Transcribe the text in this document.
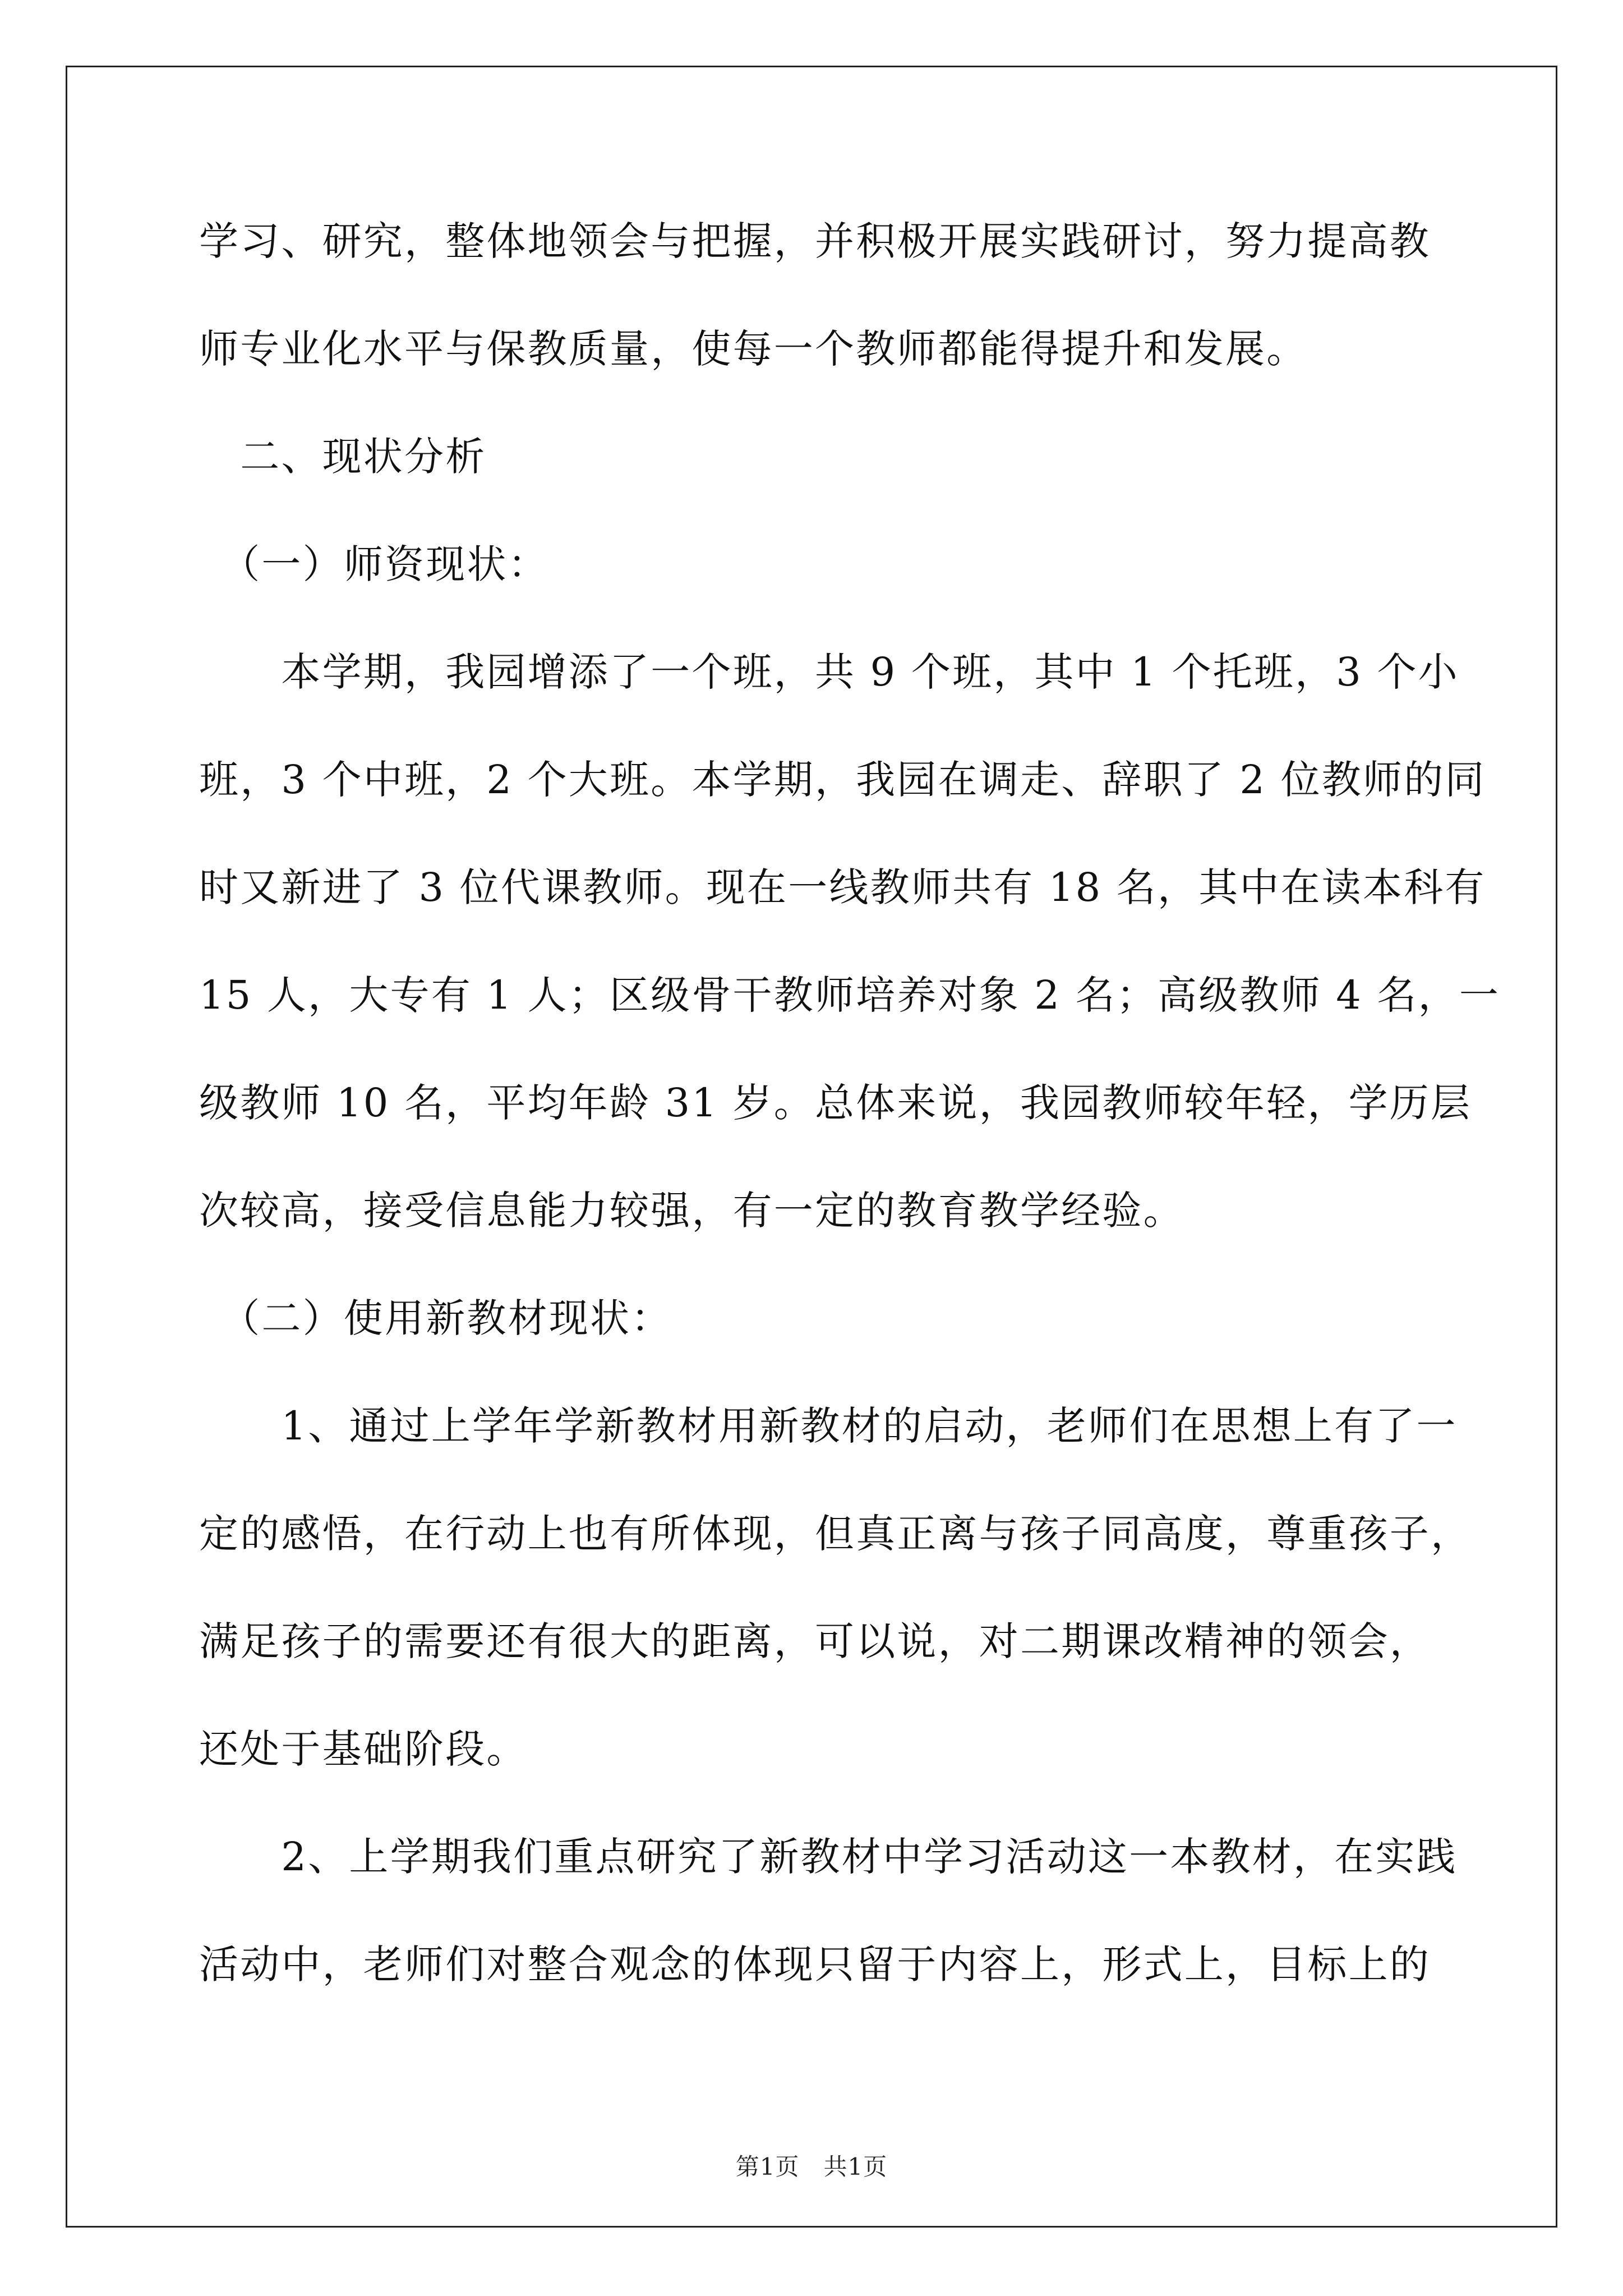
学习、研究，整体地领会与把握，并积极开展实践研讨，努力提高教
师专业化水平与保教质量，使每一个教师都能得提升和发展。
　二、现状分析
　（一）师资现状：
　　本学期，我园增添了一个班，共 9 个班，其中 1 个托班，3 个小
班，3 个中班，2 个大班。本学期，我园在调走、辞职了 2 位教师的同
时又新进了 3 位代课教师。现在一线教师共有 18 名，其中在读本科有
15 人，大专有 1 人；区级骨干教师培养对象 2 名；高级教师 4 名，一
级教师 10 名，平均年龄 31 岁。总体来说，我园教师较年轻，学历层
次较高，接受信息能力较强，有一定的教育教学经验。
　（二）使用新教材现状：
　　1、通过上学年学新教材用新教材的启动，老师们在思想上有了一
定的感悟，在行动上也有所体现，但真正离与孩子同高度，尊重孩子，
满足孩子的需要还有很大的距离，可以说，对二期课改精神的领会，
还处于基础阶段。
　　2、上学期我们重点研究了新教材中学习活动这一本教材，在实践
活动中，老师们对整合观念的体现只留于内容上，形式上，目标上的
第1页　共1页
